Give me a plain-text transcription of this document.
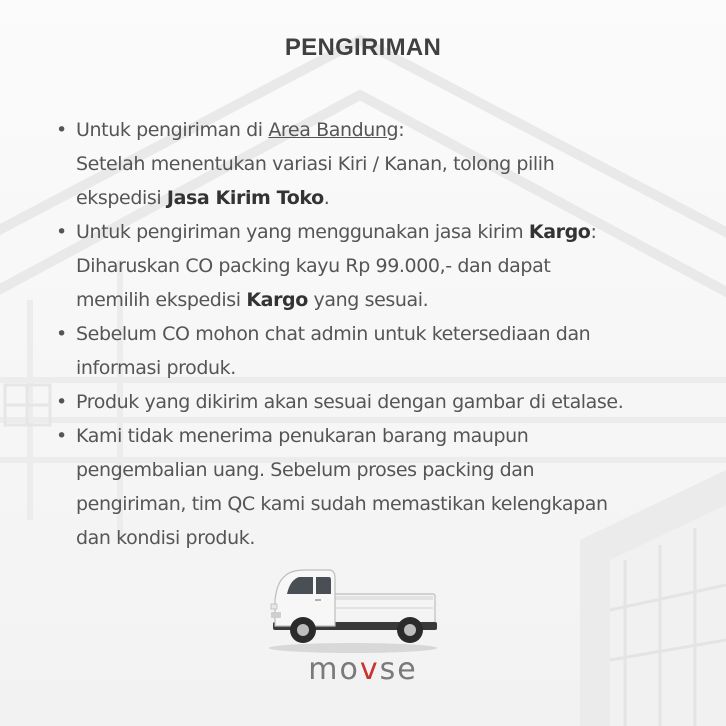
PENGIRIMAN
• Untuk pengiriman di Area Bandung:
Setelah menentukan variasi Kiri / Kanan, tolong pilih
ekspedisi Jasa Kirim Toko.
• Untuk pengiriman yang menggunakan jasa kirim Kargo:
Diharuskan CO packing kayu Rp 99.000,- dan dapat
memilih ekspedisi Kargo yang sesuai.
• Sebelum CO mohon chat admin untuk ketersediaan dan
informasi produk.
• Produk yang dikirim akan sesuai dengan gambar di etalase.
• Kami tidak menerima penukaran barang maupun
pengembalian uang. Sebelum proses packing dan
pengiriman, tim QC kami sudah memastikan kelengkapan
dan kondisi produk.
movse
